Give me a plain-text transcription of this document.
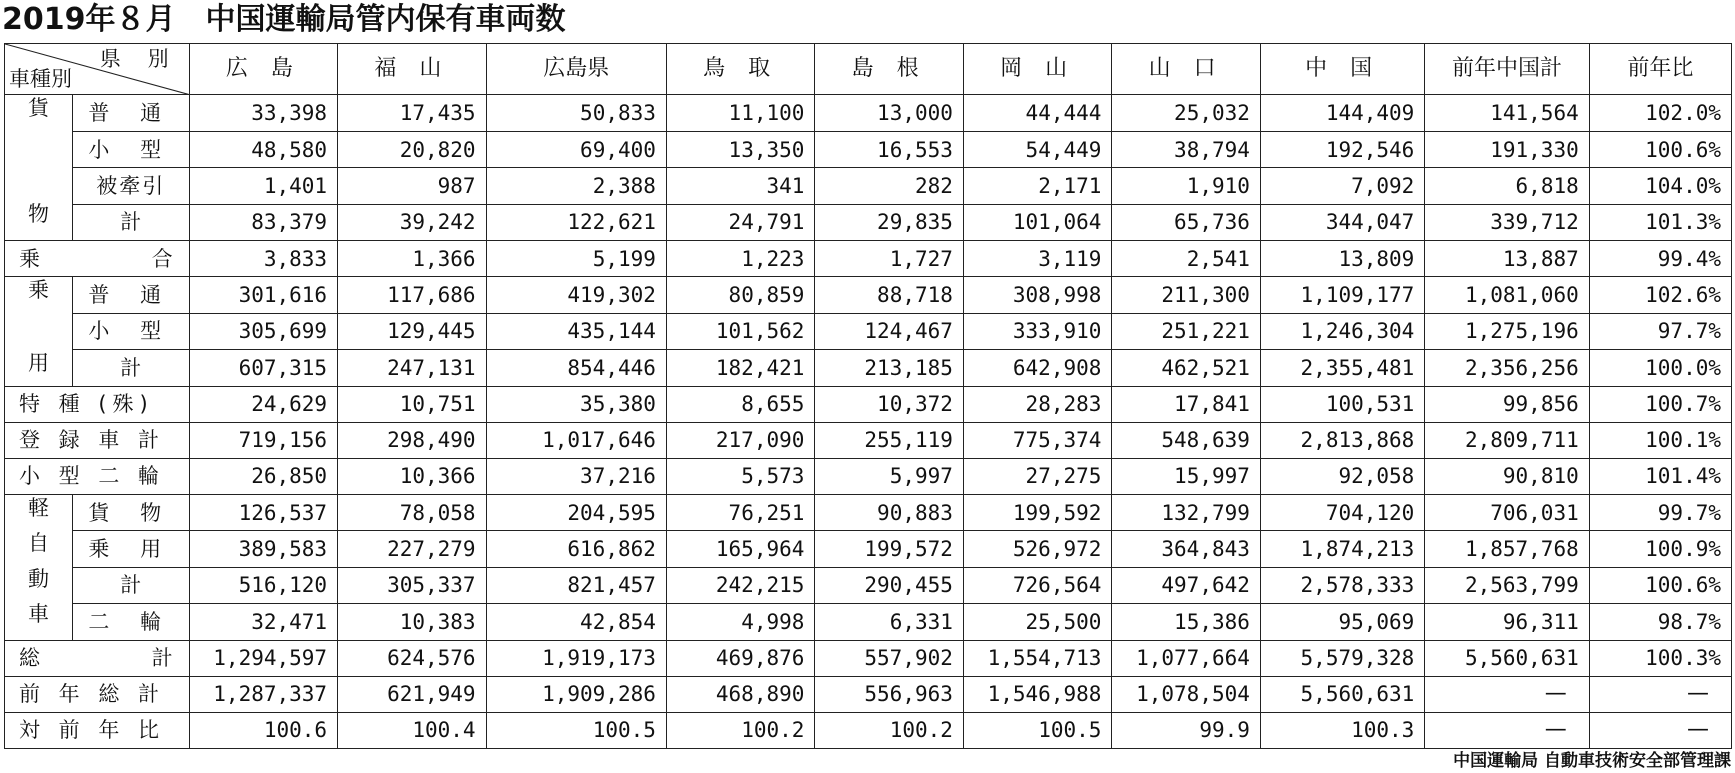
2019年８月　中国運輸局管内保有車両数
県 別
車種別		広 島	福 山	広島県	鳥 取	島 根	岡 山	山 口	中 国	前年中国計	前年比

貨
物	普 通	33,398	17,435	50,833	11,100	13,000	44,444	25,032	144,409	141,564	102.0%
	小 型	48,580	20,820	69,400	13,350	16,553	54,449	38,794	192,546	191,330	100.6%
	被牽引	1,401	987	2,388	341	282	2,171	1,910	7,092	6,818	104.0%
	計	83,379	39,242	122,621	24,791	29,835	101,064	65,736	344,047	339,712	101.3%
乗 合		3,833	1,366	5,199	1,223	1,727	3,119	2,541	13,809	13,887	99.4%

乗
用	普 通	301,616	117,686	419,302	80,859	88,718	308,998	211,300	1,109,177	1,081,060	102.6%
	小 型	305,699	129,445	435,144	101,562	124,467	333,910	251,221	1,246,304	1,275,196	97.7%
	計	607,315	247,131	854,446	182,421	213,185	642,908	462,521	2,355,481	2,356,256	100.0%
特 種 (殊)		24,629	10,751	35,380	8,655	10,372	28,283	17,841	100,531	99,856	100.7%
登 録 車 計		719,156	298,490	1,017,646	217,090	255,119	775,374	548,639	2,813,868	2,809,711	100.1%
小 型 二 輪		26,850	10,366	37,216	5,573	5,997	27,275	15,997	92,058	90,810	101.4%

軽
自
動
車	貨 物	126,537	78,058	204,595	76,251	90,883	199,592	132,799	704,120	706,031	99.7%
	乗 用	389,583	227,279	616,862	165,964	199,572	526,972	364,843	1,874,213	1,857,768	100.9%
	計	516,120	305,337	821,457	242,215	290,455	726,564	497,642	2,578,333	2,563,799	100.6%
	二 輪	32,471	10,383	42,854	4,998	6,331	25,500	15,386	95,069	96,311	98.7%
総 計		1,294,597	624,576	1,919,173	469,876	557,902	1,554,713	1,077,664	5,579,328	5,560,631	100.3%
前 年 総 計		1,287,337	621,949	1,909,286	468,890	556,963	1,546,988	1,078,504	5,560,631	—	—
対 前 年 比		100.6	100.4	100.5	100.2	100.2	100.5	99.9	100.3	—	—
中国運輸局 自動車技術安全部管理課
